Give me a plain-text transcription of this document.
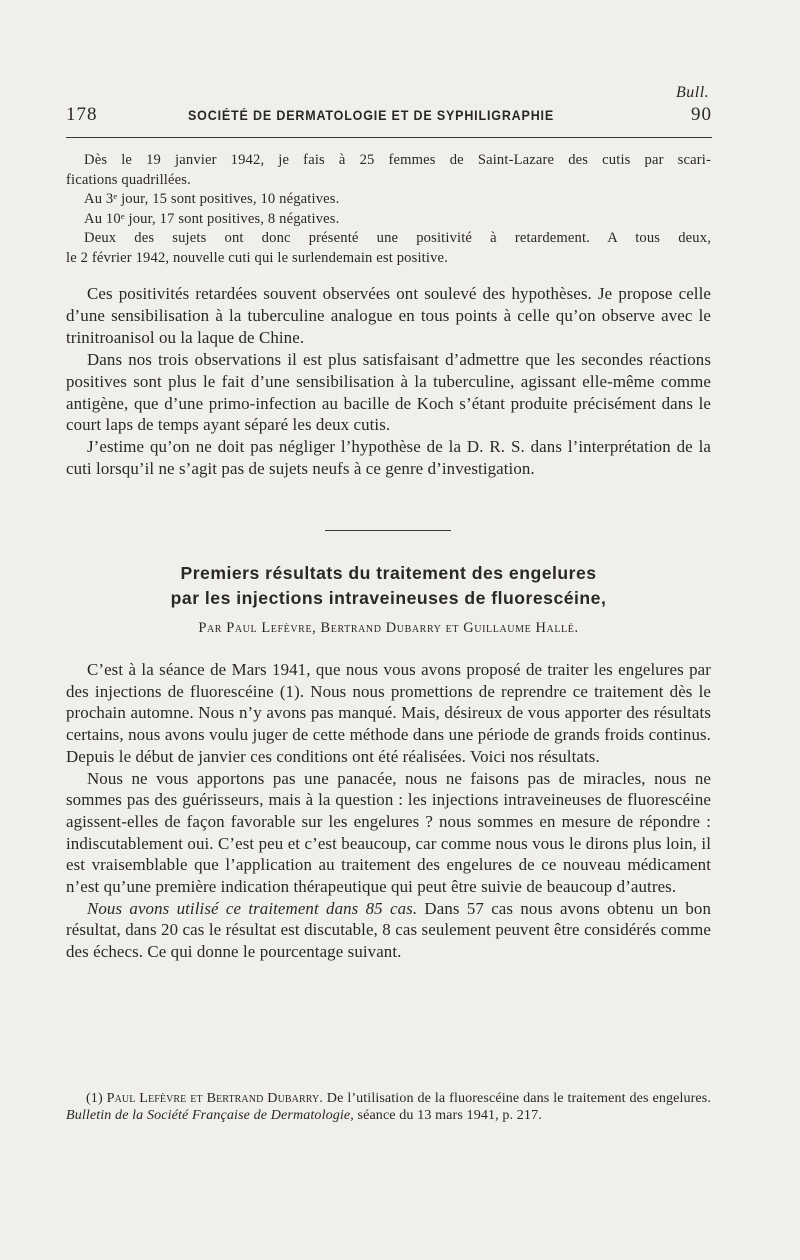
Bull.
178	SOCIÉTÉ DE DERMATOLOGIE ET DE SYPHILIGRAPHIE	90

Dès le 19 janvier 1942, je fais à 25 femmes de Saint-Lazare des cutis par scari-

fications quadrillées.

Au 3ᵉ jour, 15 sont positives, 10 négatives.

Au 10ᵉ jour, 17 sont positives, 8 négatives.

Deux des sujets ont donc présenté une positivité à retardement. A tous deux,

le 2 février 1942, nouvelle cuti qui le surlendemain est positive.

Ces positivités retardées souvent observées ont soulevé des hypothèses. Je propose celle d’une sensibilisation à la tuberculine analogue en tous points à celle qu’on observe avec le trinitroanisol ou la laque de Chine.

Dans nos trois observations il est plus satisfaisant d’admettre que les secondes réactions positives sont plus le fait d’une sensibilisation à la tuberculine, agissant elle-même comme antigène, que d’une primo-infection au bacille de Koch s’étant produite précisément dans le court laps de temps ayant séparé les deux cutis.

J’estime qu’on ne doit pas négliger l’hypothèse de la D. R. S. dans l’interprétation de la cuti lorsqu’il ne s’agit pas de sujets neufs à ce genre d’investigation.

Premiers résultats du traitement des engelures
par les injections intraveineuses de fluorescéine,
Par Paul Lefèvre, Bertrand Dubarry et Guillaume Hallé.

C’est à la séance de Mars 1941, que nous vous avons proposé de traiter les engelures par des injections de fluorescéine (1). Nous nous promettions de reprendre ce traitement dès le prochain automne. Nous n’y avons pas manqué. Mais, désireux de vous apporter des résultats certains, nous avons voulu juger de cette méthode dans une période de grands froids continus. Depuis le début de janvier ces conditions ont été réalisées. Voici nos résultats.

Nous ne vous apportons pas une panacée, nous ne faisons pas de miracles, nous ne sommes pas des guérisseurs, mais à la question : les injections intraveineuses de fluorescéine agissent-elles de façon favorable sur les engelures ? nous sommes en mesure de répondre : indiscutablement oui. C’est peu et c’est beaucoup, car comme nous vous le dirons plus loin, il est vraisemblable que l’application au traitement des engelures de ce nouveau médicament n’est qu’une première indication thérapeutique qui peut être suivie de beaucoup d’autres.

Nous avons utilisé ce traitement dans 85 cas. Dans 57 cas nous avons obtenu un bon résultat, dans 20 cas le résultat est discutable, 8 cas seulement peuvent être considérés comme des échecs. Ce qui donne le pourcentage suivant.

(1) Paul Lefèvre et Bertrand Dubarry. De l’utilisation de la fluorescéine dans le traitement des engelures. Bulletin de la Société Française de Dermatologie, séance du 13 mars 1941, p. 217.
